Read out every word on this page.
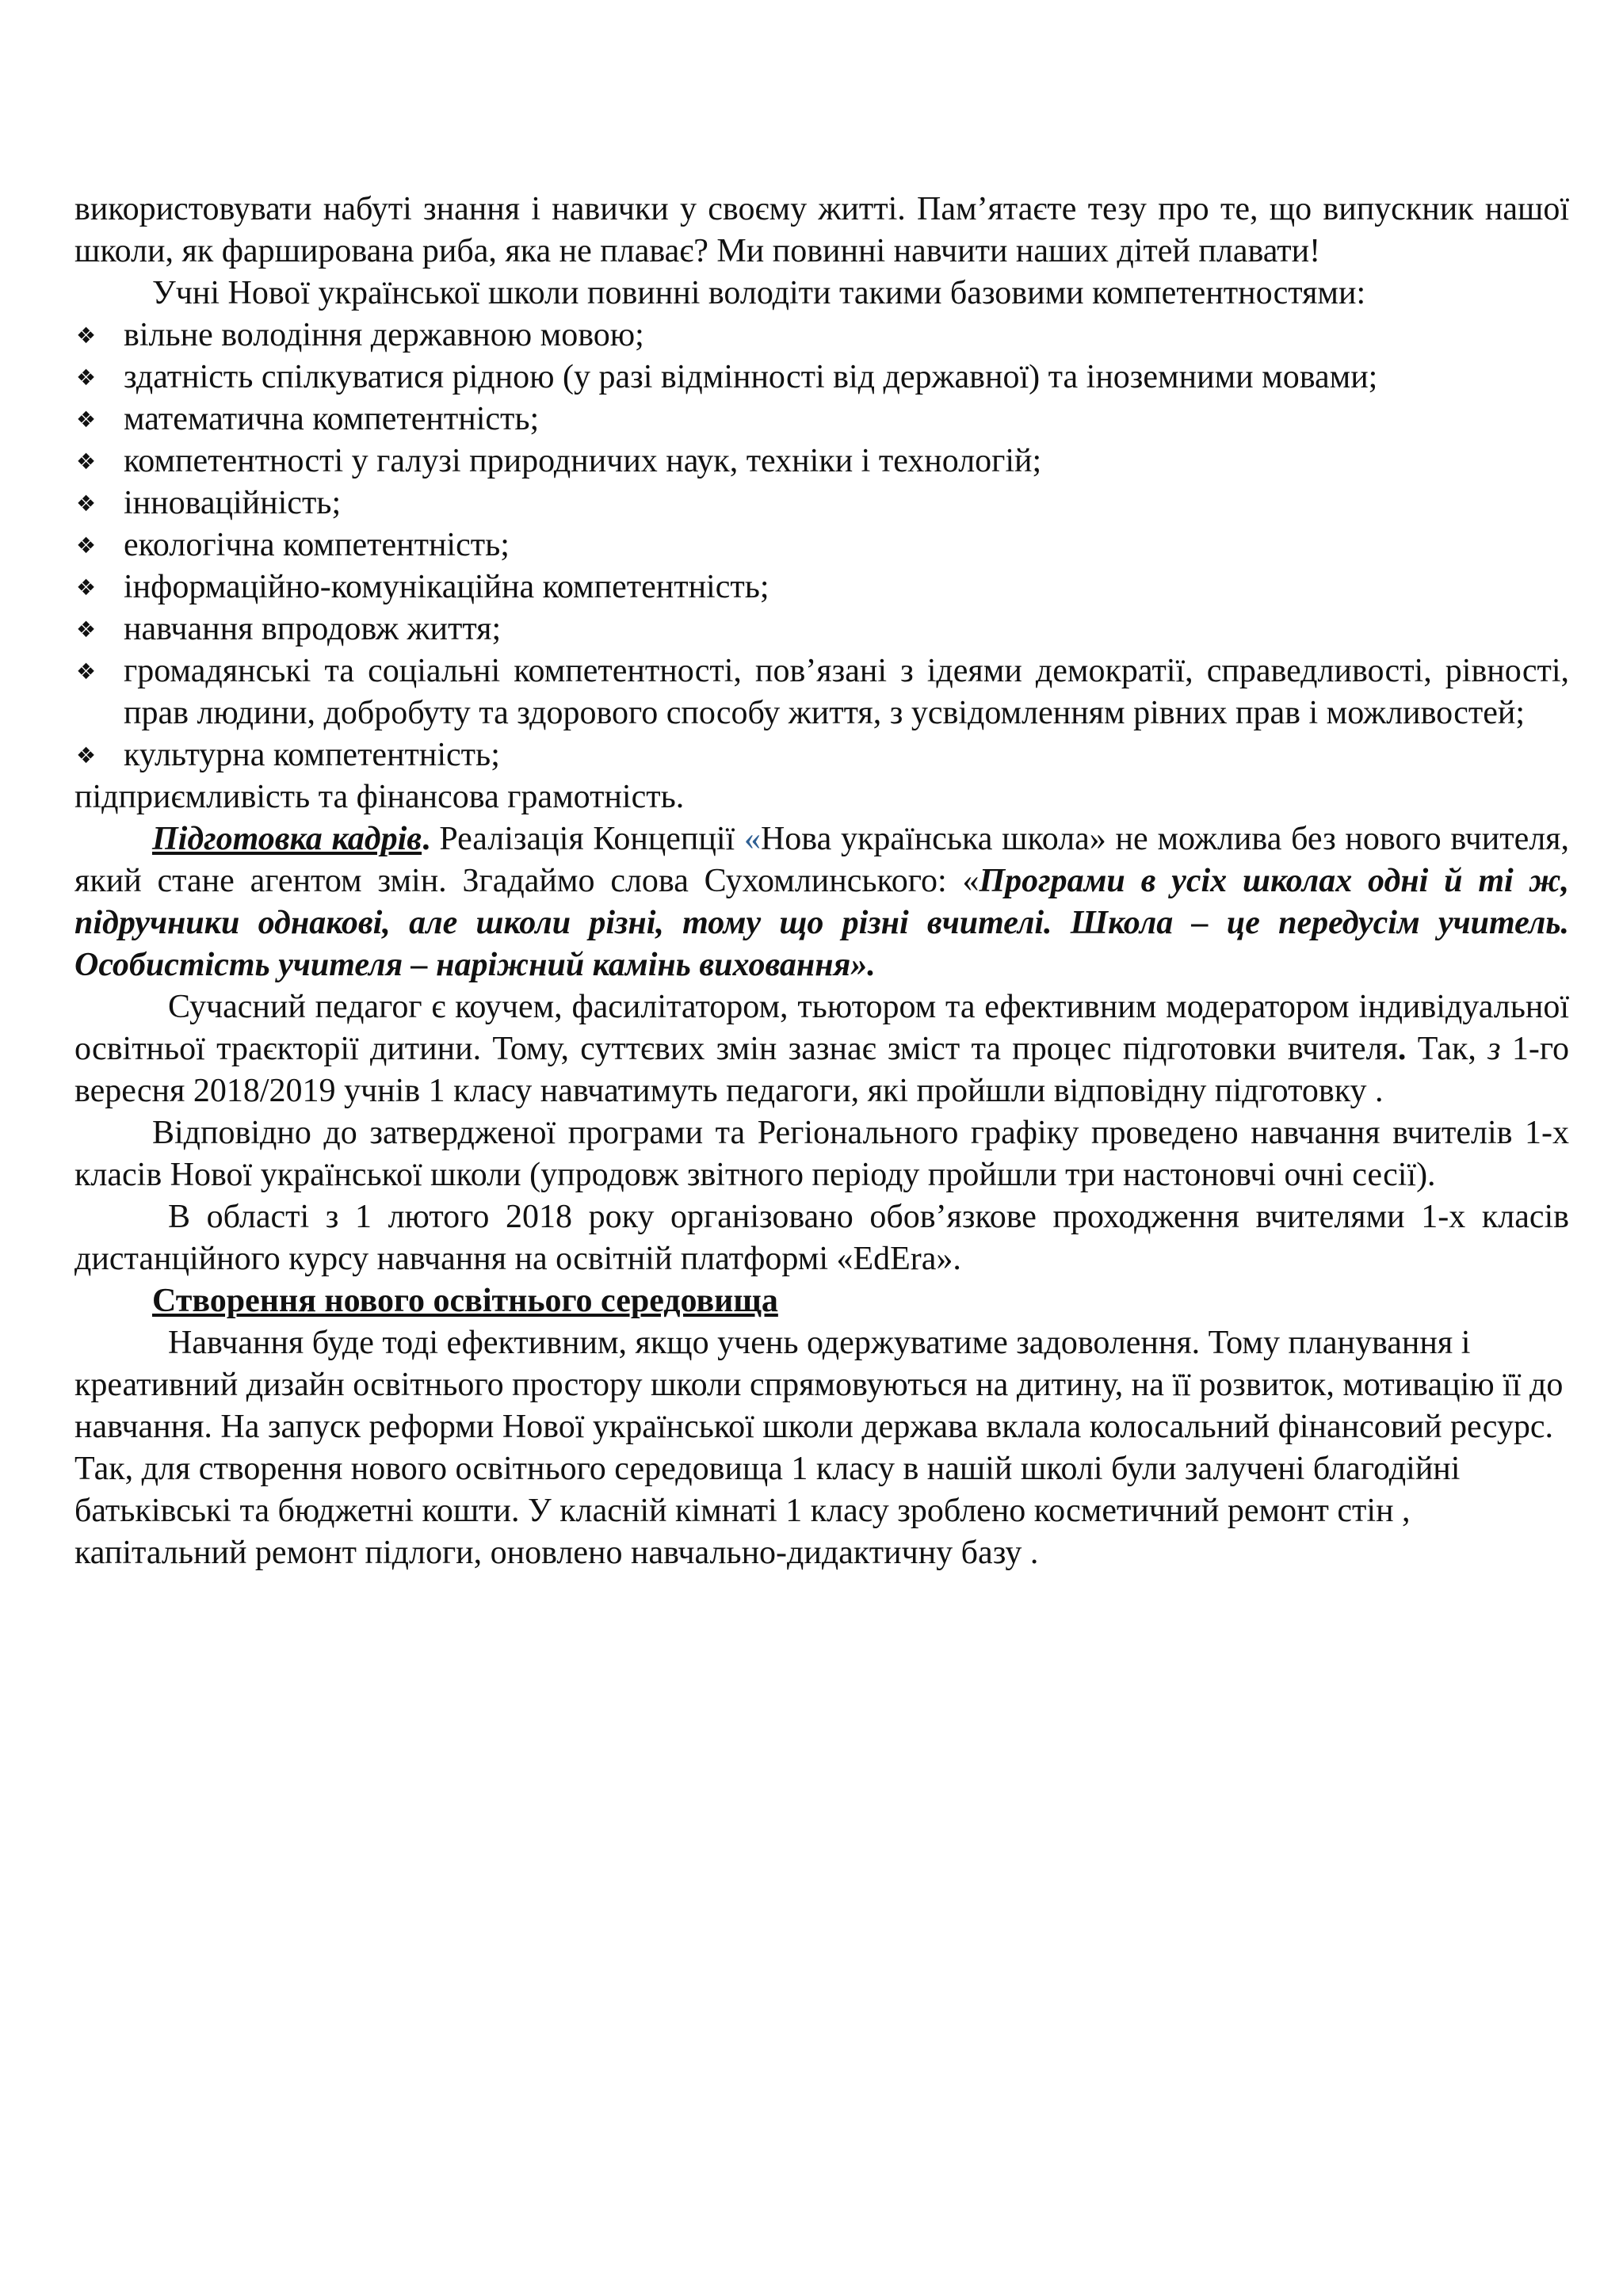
використовувати набуті знання і навички у своєму житті. Пам’ятаєте тезу про те, що випускник нашої школи, як фарширована риба, яка не плаває? Ми повинні навчити наших дітей плавати!

Учні Нової української школи повинні володіти такими базовими компетентностями:

❖ вільне володіння державною мовою;
❖ здатність спілкуватися рідною (у разі відмінності від державної) та іноземними мовами;
❖ математична компетентність;
❖ компетентності у галузі природничих наук, техніки і технологій;
❖ інноваційність;
❖ екологічна компетентність;
❖ інформаційно-комунікаційна компетентність;
❖ навчання впродовж життя;
❖ громадянські та соціальні компетентності, пов’язані з ідеями демократії, справедливості, рівності, прав людини, добробуту та здорового способу життя, з усвідомленням рівних прав і можливостей;
❖ культурна компетентність;

підприємливість та фінансова грамотність.

Підготовка кадрів. Реалізація Концепції «Нова українська школа» не можлива без нового вчителя, який стане агентом змін. Згадаймо слова Сухомлинського: «Програми в усіх школах одні й ті ж, підручники однакові, але школи різні, тому що різні вчителі. Школа – це передусім учитель. Особистість учителя – наріжний камінь виховання».

Сучасний педагог є коучем, фасилітатором, тьютором та ефективним модератором індивідуальної освітньої траєкторії дитини. Тому, суттєвих змін зазнає зміст та процес підготовки вчителя. Так, з 1-го вересня 2018/2019 учнів 1 класу навчатимуть педагоги, які пройшли відповідну підготовку .

Відповідно до затвердженої програми та Регіонального графіку проведено навчання вчителів 1-х класів Нової української школи (упродовж звітного періоду пройшли три настоновчі очні сесії).

В області з 1 лютого 2018 року організовано обов’язкове проходження вчителями 1-х класів дистанційного курсу навчання на освітній платформі «EdEra».

Створення нового освітнього середовища

Навчання буде тоді ефективним, якщо учень одержуватиме задоволення. Тому планування і креативний дизайн освітнього простору школи спрямовуються на дитину, на її розвиток, мотивацію її до навчання. На запуск реформи Нової української школи держава вклала колосальний фінансовий ресурс. Так, для створення нового освітнього середовища 1 класу в нашій школі були залучені благодійні батьківські та бюджетні кошти. У класній кімнаті 1 класу зроблено косметичний ремонт стін , капітальний ремонт підлоги, оновлено навчально-дидактичну базу .
